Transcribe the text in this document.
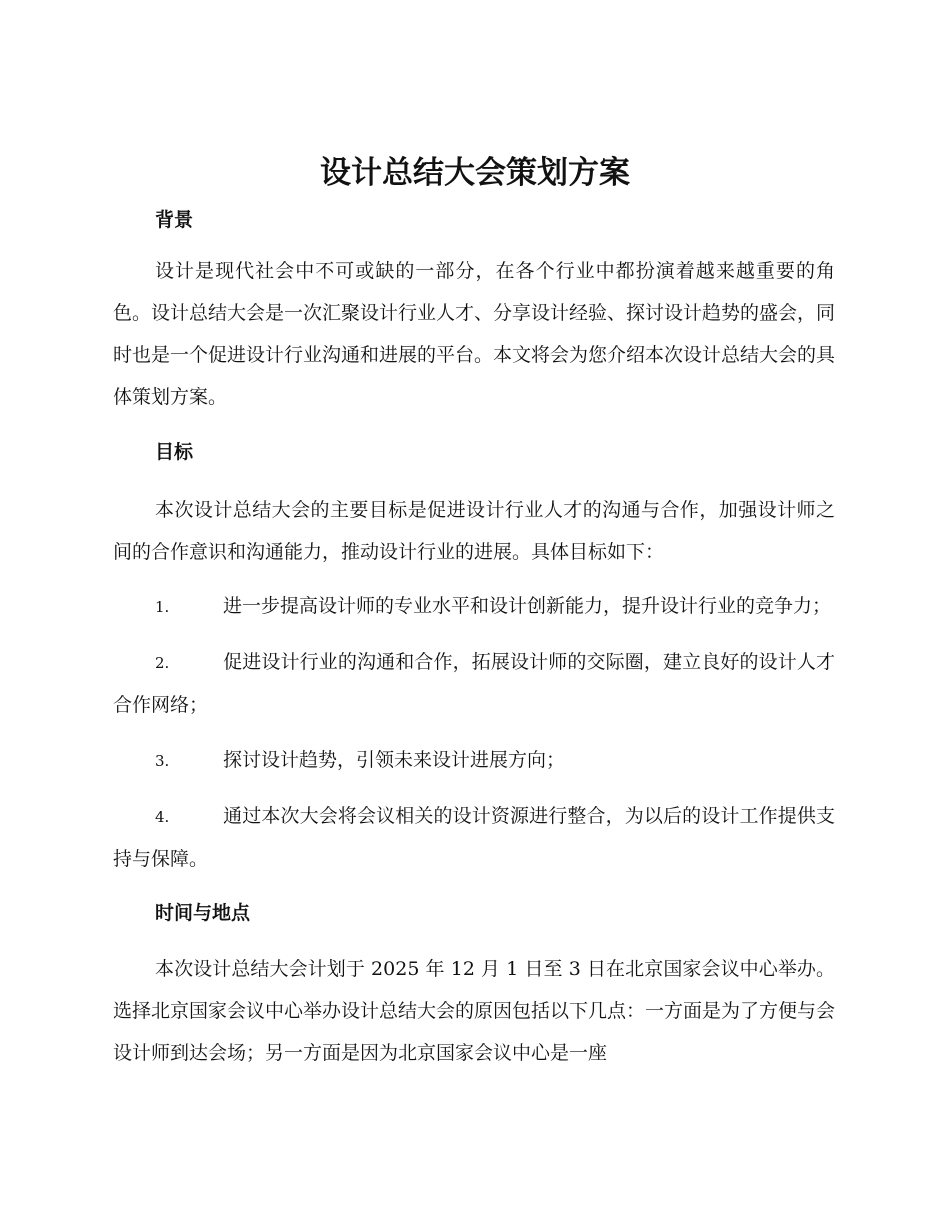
设计总结大会策划方案
背景

设计是现代社会中不可或缺的一部分，在各个行业中都扮演着越来越重要的角色。设计总结大会是一次汇聚设计行业人才、分享设计经验、探讨设计趋势的盛会，同时也是一个促进设计行业沟通和进展的平台。本文将会为您介绍本次设计总结大会的具体策划方案。

目标

本次设计总结大会的主要目标是促进设计行业人才的沟通与合作，加强设计师之间的合作意识和沟通能力，推动设计行业的进展。具体目标如下：

1.	进一步提高设计师的专业水平和设计创新能力，提升设计行业的竞争力；

2.	促进设计行业的沟通和合作，拓展设计师的交际圈，建立良好的设计人才合作网络；

3.	探讨设计趋势，引领未来设计进展方向；

4.	通过本次大会将会议相关的设计资源进行整合，为以后的设计工作提供支持与保障。

时间与地点

本次设计总结大会计划于 2025 年 12 月 1 日至 3 日在北京国家会议中心举办。选择北京国家会议中心举办设计总结大会的原因包括以下几点：一方面是为了方便与会设计师到达会场；另一方面是因为北京国家会议中心是一座
